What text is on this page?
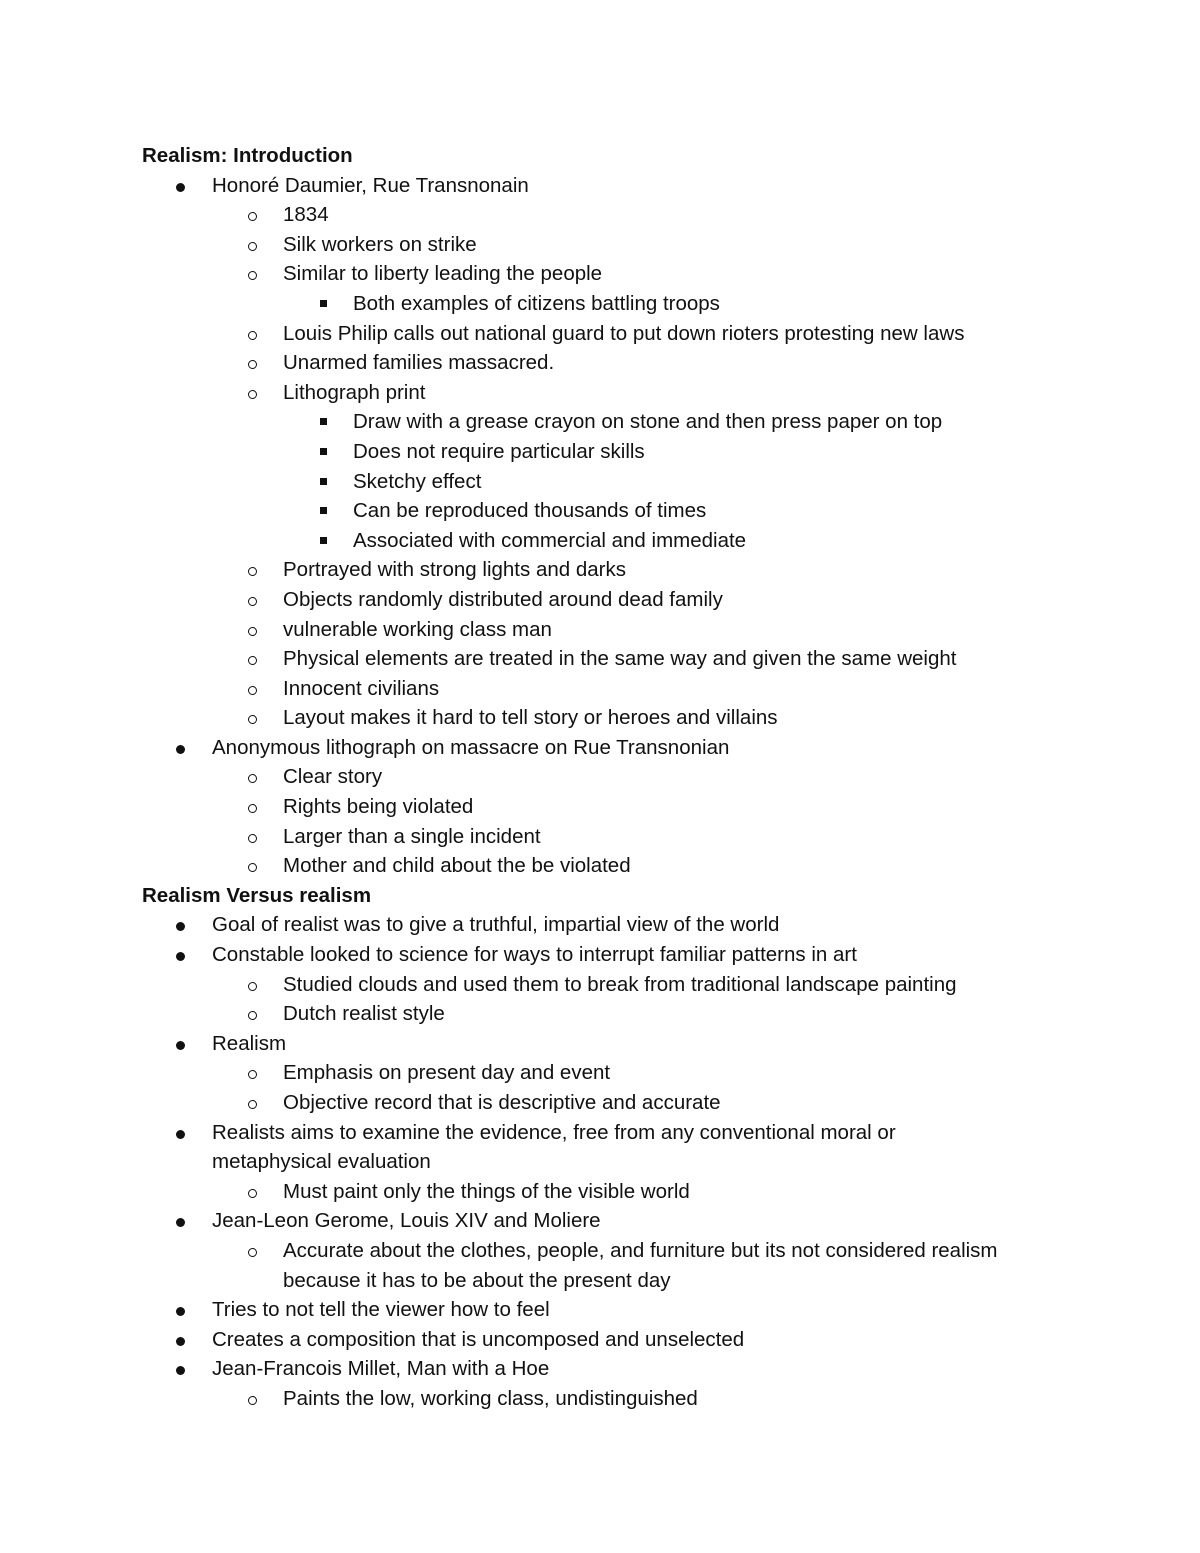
Realism: Introduction
Honoré Daumier, Rue Transnonain
1834
Silk workers on strike
Similar to liberty leading the people
Both examples of citizens battling troops
Louis Philip calls out national guard to put down rioters protesting new laws
Unarmed families massacred.
Lithograph print
Draw with a grease crayon on stone and then press paper on top
Does not require particular skills
Sketchy effect
Can be reproduced thousands of times
Associated with commercial and immediate
Portrayed with strong lights and darks
Objects randomly distributed around dead family
vulnerable working class man
Physical elements are treated in the same way and given the same weight
Innocent civilians
Layout makes it hard to tell story or heroes and villains
Anonymous lithograph on massacre on Rue Transnonian
Clear story
Rights being violated
Larger than a single incident
Mother and child about the be violated
Realism Versus realism
Goal of realist was to give a truthful, impartial view of the world
Constable looked to science for ways to interrupt familiar patterns in art
Studied clouds and used them to break from traditional landscape painting
Dutch realist style
Realism
Emphasis on present day and event
Objective record that is descriptive and accurate
Realists aims to examine the evidence, free from any conventional moral or
metaphysical evaluation
Must paint only the things of the visible world
Jean-Leon Gerome, Louis XIV and Moliere
Accurate about the clothes, people, and furniture but its not considered realism
because it has to be about the present day
Tries to not tell the viewer how to feel
Creates a composition that is uncomposed and unselected
Jean-Francois Millet, Man with a Hoe
Paints the low, working class, undistinguished
